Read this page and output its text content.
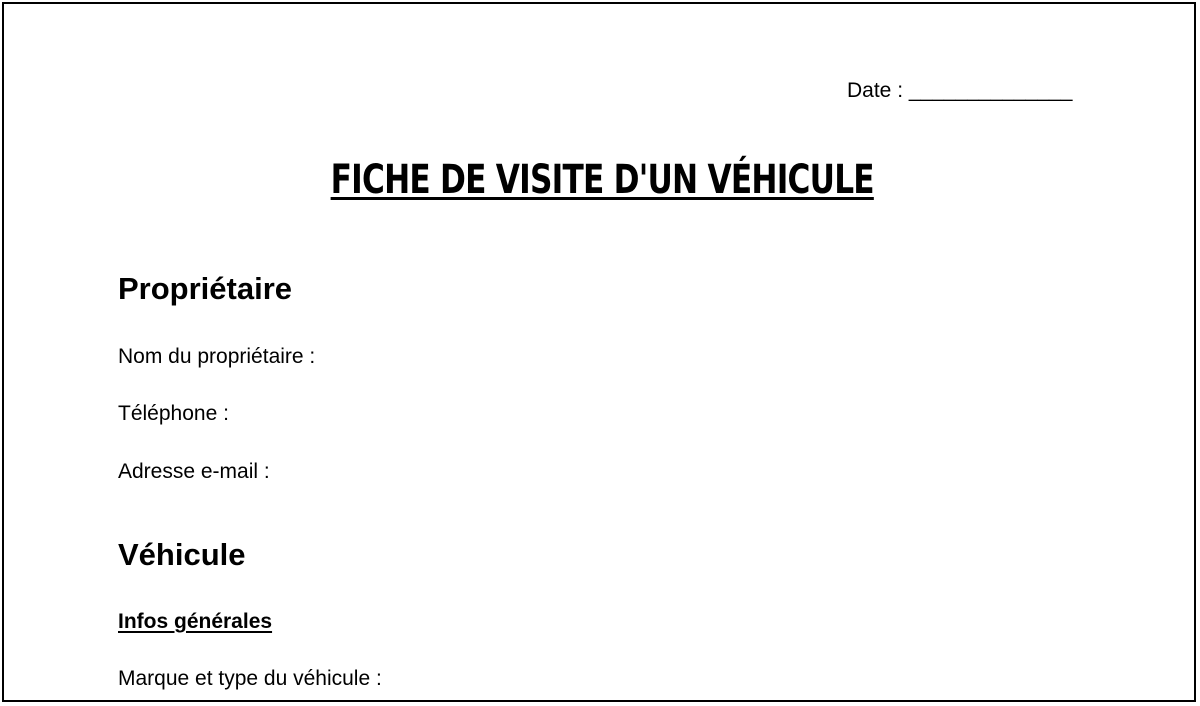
Date : ______________
FICHE DE VISITE D'UN VÉHICULE
Propriétaire
Nom du propriétaire :
Téléphone :
Adresse e-mail :
Véhicule
Infos générales
Marque et type du véhicule :
